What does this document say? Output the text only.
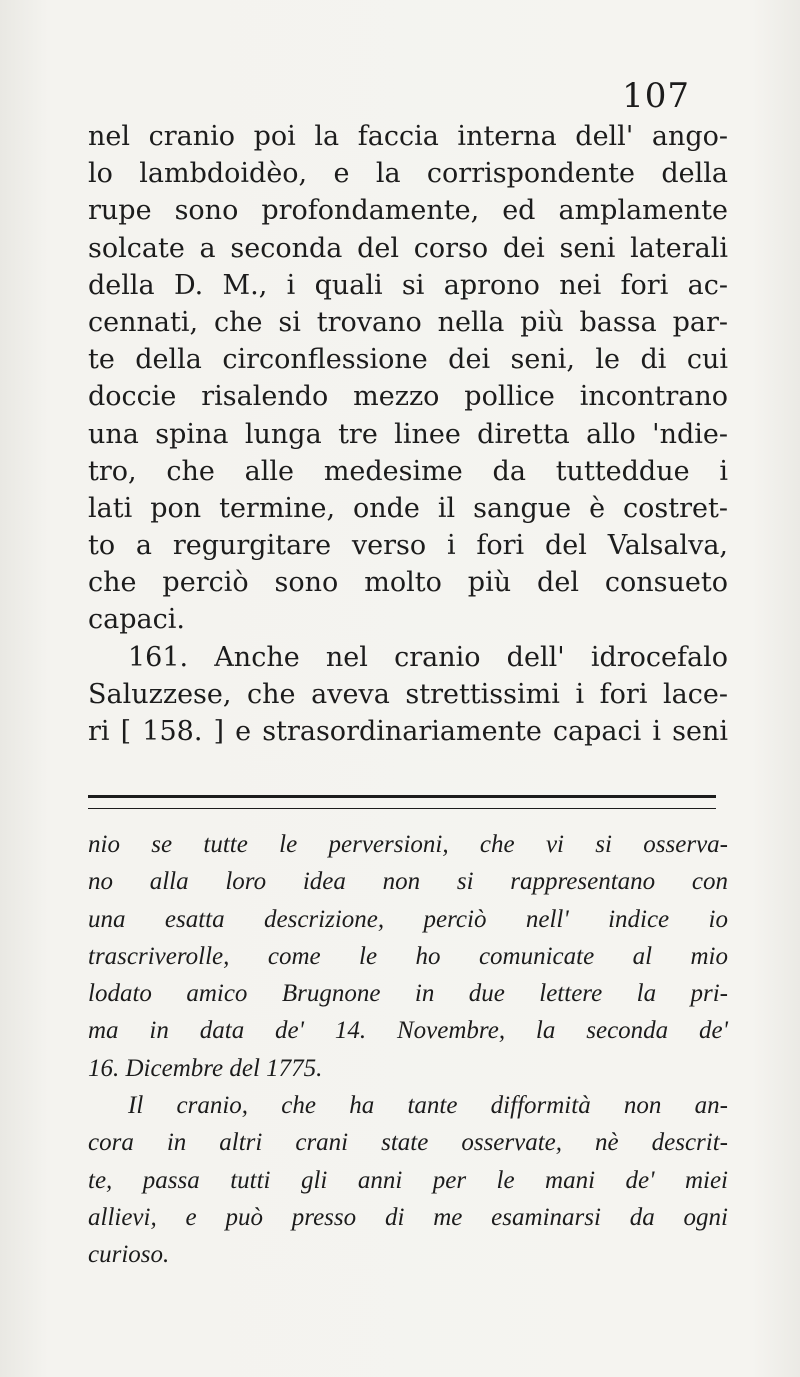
107
nel cranio poi la faccia interna dell' ango-
lo lambdoidèo, e la corrispondente della
rupe sono profondamente, ed amplamente
solcate a seconda del corso dei seni laterali
della D. M., i quali si aprono nei fori ac-
cennati, che si trovano nella più bassa par-
te della circonflessione dei seni, le di cui
doccie risalendo mezzo pollice incontrano
una spina lunga tre linee diretta allo 'ndie-
tro, che alle medesime da tutteddue i
lati pon termine, onde il sangue è costret-
to a regurgitare verso i fori del Valsalva,
che perciò sono molto più del consueto
capaci.
161. Anche nel cranio dell' idrocefalo
Saluzzese, che aveva strettissimi i fori lace-
ri [ 158. ] e strasordinariamente capaci i seni
nio se tutte le perversioni, che vi si osserva-
no alla loro idea non si rappresentano con
una esatta descrizione, perciò nell' indice io
trascriverolle, come le ho comunicate al mio
lodato amico Brugnone in due lettere la pri-
ma in data de' 14. Novembre, la seconda de'
16. Dicembre del 1775.
Il cranio, che ha tante difformità non an-
cora in altri crani state osservate, nè descrit-
te, passa tutti gli anni per le mani de' miei
allievi, e può presso di me esaminarsi da ogni
curioso.
